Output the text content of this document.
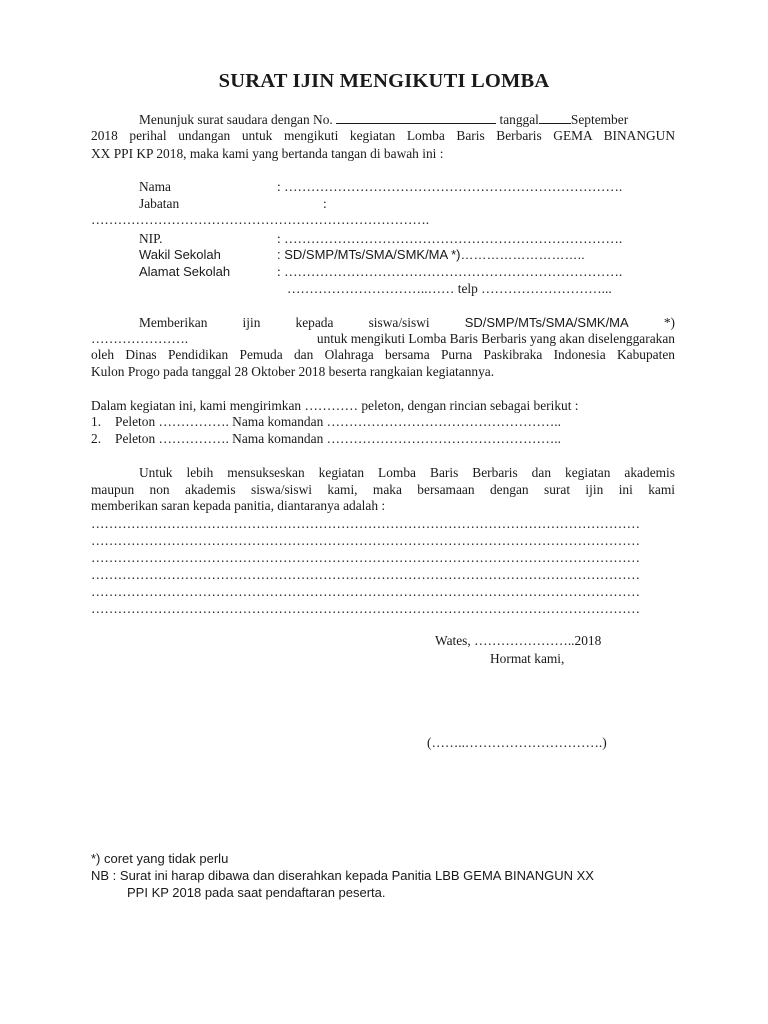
SURAT IJIN MENGIKUTI LOMBA
Menunjuk surat saudara dengan No.	tanggal September
2018 perihal undangan untuk mengikuti kegiatan Lomba Baris Berbaris GEMA BINANGUN
XX PPI KP 2018, maka kami yang bertanda tangan di bawah ini :
Nama	: ………………………………………………………………….
Jabatan	:
………………………………………………………………….
NIP.	: ………………………………………………………………….
Wakil Sekolah	: SD/SMP/MTs/SMA/SMK/MA *)………………………..
Alamat Sekolah	: ………………………………………………………………….
…………………………..…… telp ………………………...
Memberikan	ijin	kepada	siswa/siswi	SD/SMP/MTs/SMA/SMK/MA	*)
………………….	untuk mengikuti Lomba Baris Berbaris yang akan diselenggarakan
oleh Dinas Pendidikan Pemuda dan Olahraga bersama Purna Paskibraka Indonesia Kabupaten
Kulon Progo pada tanggal 28 Oktober 2018 beserta rangkaian kegiatannya.
Dalam kegiatan ini, kami mengirimkan ………… peleton, dengan rincian sebagai berikut :
1. Peleton ……………. Nama komandan ……………………………………………..
2. Peleton ……………. Nama komandan ……………………………………………..
Untuk lebih mensukseskan kegiatan Lomba Baris Berbaris dan kegiatan akademis
maupun non akademis siswa/siswi kami, maka bersamaan dengan surat ijin ini kami
memberikan saran kepada panitia, diantaranya adalah :
……………………………………………………………………………………………………………
……………………………………………………………………………………………………………
……………………………………………………………………………………………………………
……………………………………………………………………………………………………………
……………………………………………………………………………………………………………
……………………………………………………………………………………………………………
Wates, …………………..2018
Hormat kami,
(……..………………………….)
*) coret yang tidak perlu
NB : Surat ini harap dibawa dan diserahkan kepada Panitia LBB GEMA BINANGUN XX
PPI KP 2018 pada saat pendaftaran peserta.
